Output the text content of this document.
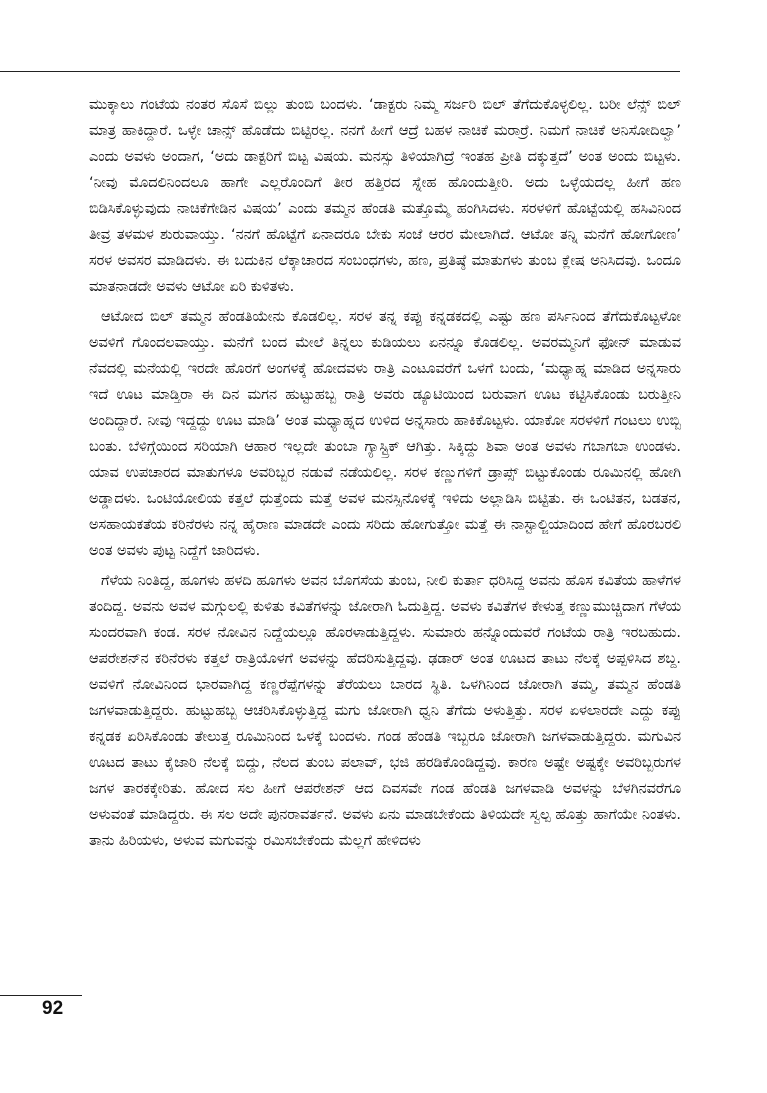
ಮುಕ್ಕಾಲು ಗಂಟೆಯ ನಂತರ ಸೊಸೆ ಬಿಲ್ಲು ತುಂಬಿ ಬಂದಳು. ‘ಡಾಕ್ಟರು ನಿಮ್ಮ ಸರ್ಜರಿ ಬಿಲ್ ತೆಗೆದುಕೊಳ್ಳಲಿಲ್ಲ. ಬರೀ ಲೆನ್ಸ್ ಬಿಲ್ ಮಾತ್ರ ಹಾಕಿದ್ದಾರೆ. ಒಳ್ಳೇ ಚಾನ್ಸ್ ಹೊಡೆದು ಬಿಟ್ಟಿರಲ್ಲ. ನನಗೆ ಹೀಗೆ ಆದ್ರೆ ಬಹಳ ನಾಚಿಕೆ ಮರಾರ್ರೆ. ನಿಮಗೆ ನಾಚಿಕೆ ಅನಿಸೋದಿಲ್ವಾ’ ಎಂದು ಅವಳು ಅಂದಾಗ, ‘ಅದು ಡಾಕ್ಟರಿಗೆ ಬಿಟ್ಟ ವಿಷಯ. ಮನಸ್ಸು ತಿಳಿಯಾಗಿದ್ರೆ ಇಂತಹ ಪ್ರೀತಿ ದಕ್ಕುತ್ತದೆ’ ಅಂತ ಅಂದು ಬಿಟ್ಟಳು. ‘ನೀವು ಮೊದಲಿನಿಂದಲೂ ಹಾಗೇ ಎಲ್ಲರೊಂದಿಗೆ ತೀರ ಹತ್ತಿರದ ಸ್ನೇಹ ಹೊಂದುತ್ತೀರಿ. ಅದು ಒಳ್ಳೆಯದಲ್ಲ ಹೀಗೆ ಹಣ ಬಿಡಿಸಿಕೊಳ್ಳುವುದು ನಾಚಿಕೆಗೇಡಿನ ವಿಷಯ’ ಎಂದು ತಮ್ಮನ ಹೆಂಡತಿ ಮತ್ತೊಮ್ಮೆ ಹಂಗಿಸಿದಳು. ಸರಳಳಿಗೆ ಹೊಟ್ಟೆಯಲ್ಲಿ ಹಸಿವಿನಿಂದ ತೀವ್ರ ತಳಮಳ ಶುರುವಾಯ್ತು. ‘ನನಗೆ ಹೊಟ್ಟೆಗೆ ಏನಾದರೂ ಬೇಕು ಸಂಜೆ ಆರರ ಮೇಲಾಗಿದೆ. ಆಟೋ ತನ್ನಿ ಮನೆಗೆ ಹೋಗೋಣ’ ಸರಳ ಅವಸರ ಮಾಡಿದಳು. ಈ ಬದುಕಿನ ಲೆಕ್ಕಾಚಾರದ ಸಂಬಂಧಗಳು, ಹಣ, ಪ್ರತಿಷ್ಠೆ ಮಾತುಗಳು ತುಂಬ ಕ್ಲೇಷ ಅನಿಸಿದವು. ಒಂದೂ ಮಾತನಾಡದೇ ಅವಳು ಆಟೋ ಏರಿ ಕುಳಿತಳು.

ಆಟೋದ ಬಿಲ್ ತಮ್ಮನ ಹೆಂಡತಿಯೇನು ಕೊಡಲಿಲ್ಲ. ಸರಳ ತನ್ನ ಕಪ್ಪು ಕನ್ನಡಕದಲ್ಲಿ ಎಷ್ಟು ಹಣ ಪರ್ಸಿನಿಂದ ತೆಗೆದುಕೊಟ್ಟಳೋ ಅವಳಿಗೆ ಗೊಂದಲವಾಯ್ತು. ಮನೆಗೆ ಬಂದ ಮೇಲೆ ತಿನ್ನಲು ಕುಡಿಯಲು ಏನನ್ನೂ ಕೊಡಲಿಲ್ಲ. ಅವರಮ್ಮನಿಗೆ ಫೋನ್ ಮಾಡುವ ನೆವದಲ್ಲಿ ಮನೆಯಲ್ಲಿ ಇರದೇ ಹೊರಗೆ ಅಂಗಳಕ್ಕೆ ಹೋದವಳು ರಾತ್ರಿ ಎಂಟೂವರೆಗೆ ಒಳಗೆ ಬಂದು, ‘ಮಧ್ಯಾಹ್ನ ಮಾಡಿದ ಅನ್ನಸಾರು ಇದೆ ಊಟ ಮಾಡ್ತಿರಾ ಈ ದಿನ ಮಗನ ಹುಟ್ಟುಹಬ್ಬ ರಾತ್ರಿ ಅವರು ಡ್ಯೂಟಿಯಿಂದ ಬರುವಾಗ ಊಟ ಕಟ್ಟಿಸಿಕೊಂಡು ಬರುತ್ತೀನಿ ಅಂದಿದ್ದಾರೆ. ನೀವು ಇದ್ದದ್ದು ಊಟ ಮಾಡಿ’ ಅಂತ ಮಧ್ಯಾಹ್ನದ ಉಳಿದ ಅನ್ನಸಾರು ಹಾಕಿಕೊಟ್ಟಳು. ಯಾಕೋ ಸರಳಳಿಗೆ ಗಂಟಲು ಉಬ್ಬಿ ಬಂತು. ಬೆಳಿಗ್ಗೆಯಿಂದ ಸರಿಯಾಗಿ ಆಹಾರ ಇಲ್ಲದೇ ತುಂಬಾ ಗ್ಯಾಸ್ಟ್ರಿಕ್ ಆಗಿತ್ತು. ಸಿಕ್ಕಿದ್ದು ಶಿವಾ ಅಂತ ಅವಳು ಗಬಾಗಬಾ ಉಂಡಳು. ಯಾವ ಉಪಚಾರದ ಮಾತುಗಳೂ ಅವರಿಬ್ಬರ ನಡುವೆ ನಡೆಯಲಿಲ್ಲ. ಸರಳ ಕಣ್ಣುಗಳಿಗೆ ಡ್ರಾಪ್ಸ್ ಬಿಟ್ಟುಕೊಂಡು ರೂಮಿನಲ್ಲಿ ಹೋಗಿ ಅಡ್ಡಾದಳು. ಒಂಟಿಯೋಲಿಯ ಕತ್ತಲೆ ಧುತ್ತೆಂದು ಮತ್ತೆ ಅವಳ ಮನಸ್ಸಿನೊಳಕ್ಕೆ ಇಳಿದು ಅಲ್ಲಾಡಿಸಿ ಬಿಟ್ಟಿತು. ಈ ಒಂಟಿತನ, ಬಡತನ, ಅಸಹಾಯಕತೆಯ ಕರಿನೆರಳು ನನ್ನ ಹೈರಾಣ ಮಾಡದೇ ಎಂದು ಸರಿದು ಹೋಗುತ್ತೋ ಮತ್ತೆ ಈ ನಾಸ್ಟಾಲ್ಜಿಯಾದಿಂದ ಹೇಗೆ ಹೊರಬರಲಿ ಅಂತ ಅವಳು ಪುಟ್ಟ ನಿದ್ದೆಗೆ ಜಾರಿದಳು.

ಗೆಳೆಯ ನಿಂತಿದ್ದ, ಹೂಗಳು ಹಳದಿ ಹೂಗಳು ಅವನ ಬೊಗಸೆಯ ತುಂಬ, ನೀಲಿ ಕುರ್ತಾ ಧರಿಸಿದ್ದ ಅವನು ಹೊಸ ಕವಿತೆಯ ಹಾಳೆಗಳ ತಂದಿದ್ದ. ಅವನು ಅವಳ ಮಗ್ಗುಲಲ್ಲಿ ಕುಳಿತು ಕವಿತೆಗಳನ್ನು ಜೋರಾಗಿ ಓದುತ್ತಿದ್ದ. ಅವಳು ಕವಿತೆಗಳ ಕೇಳುತ್ತ ಕಣ್ಣುಮುಚ್ಚಿದಾಗ ಗೆಳೆಯ ಸುಂದರವಾಗಿ ಕಂಡ. ಸರಳ ನೋವಿನ ನಿದ್ದೆಯಲ್ಲೂ ಹೊರಳಾಡುತ್ತಿದ್ದಳು. ಸುಮಾರು ಹನ್ನೊಂದುವರೆ ಗಂಟೆಯ ರಾತ್ರಿ ಇರಬಹುದು. ಆಪರೇಶನ್‌ನ ಕರಿನೆರಳು ಕತ್ತಲೆ ರಾತ್ರಿಯೊಳಗೆ ಅವಳನ್ನು ಹೆದರಿಸುತ್ತಿದ್ದವು. ಢಡಾರ್ ಅಂತ ಊಟದ ತಾಟು ನೆಲಕ್ಕೆ ಅಪ್ಪಳಿಸಿದ ಶಬ್ದ. ಅವಳಿಗೆ ನೋವಿನಿಂದ ಭಾರವಾಗಿದ್ದ ಕಣ್ಣರೆಪ್ಪೆಗಳನ್ನು ತೆರೆಯಲು ಬಾರದ ಸ್ಥಿತಿ. ಒಳಗಿನಿಂದ ಜೋರಾಗಿ ತಮ್ಮ, ತಮ್ಮನ ಹೆಂಡತಿ ಜಗಳವಾಡುತ್ತಿದ್ದರು. ಹುಟ್ಟುಹಬ್ಬ ಆಚರಿಸಿಕೊಳ್ಳುತ್ತಿದ್ದ ಮಗು ಜೋರಾಗಿ ಧ್ವನಿ ತೆಗೆದು ಅಳುತ್ತಿತ್ತು. ಸರಳ ಏಳಲಾರದೇ ಎದ್ದು ಕಪ್ಪು ಕನ್ನಡಕ ಏರಿಸಿಕೊಂಡು ತೇಲುತ್ತ ರೂಮಿನಿಂದ ಒಳಕ್ಕೆ ಬಂದಳು. ಗಂಡ ಹೆಂಡತಿ ಇಬ್ಬರೂ ಜೋರಾಗಿ ಜಗಳವಾಡುತ್ತಿದ್ದರು. ಮಗುವಿನ ಊಟದ ತಾಟು ಕೈಜಾರಿ ನೆಲಕ್ಕೆ ಬಿದ್ದು, ನೆಲದ ತುಂಬ ಪಲಾವ್, ಭಜಿ ಹರಡಿಕೊಂಡಿದ್ದವು. ಕಾರಣ ಅಷ್ಟೇ ಅಷ್ಟಕ್ಕೇ ಅವರಿಬ್ಬರುಗಳ ಜಗಳ ತಾರಕಕ್ಕೇರಿತು. ಹೋದ ಸಲ ಹೀಗೆ ಆಪರೇಶನ್ ಆದ ದಿವಸವೇ ಗಂಡ ಹೆಂಡತಿ ಜಗಳವಾಡಿ ಅವಳನ್ನು ಬೆಳಗಿನವರೆಗೂ ಅಳುವಂತೆ ಮಾಡಿದ್ದರು. ಈ ಸಲ ಅದೇ ಪುನರಾವರ್ತನೆ. ಅವಳು ಏನು ಮಾಡಬೇಕೆಂದು ತಿಳಿಯದೇ ಸ್ವಲ್ಪ ಹೊತ್ತು ಹಾಗೆಯೇ ನಿಂತಳು. ತಾನು ಹಿರಿಯಳು, ಅಳುವ ಮಗುವನ್ನು ರಮಿಸಬೇಕೆಂದು ಮೆಲ್ಲಗೆ ಹೇಳಿದಳು

92
